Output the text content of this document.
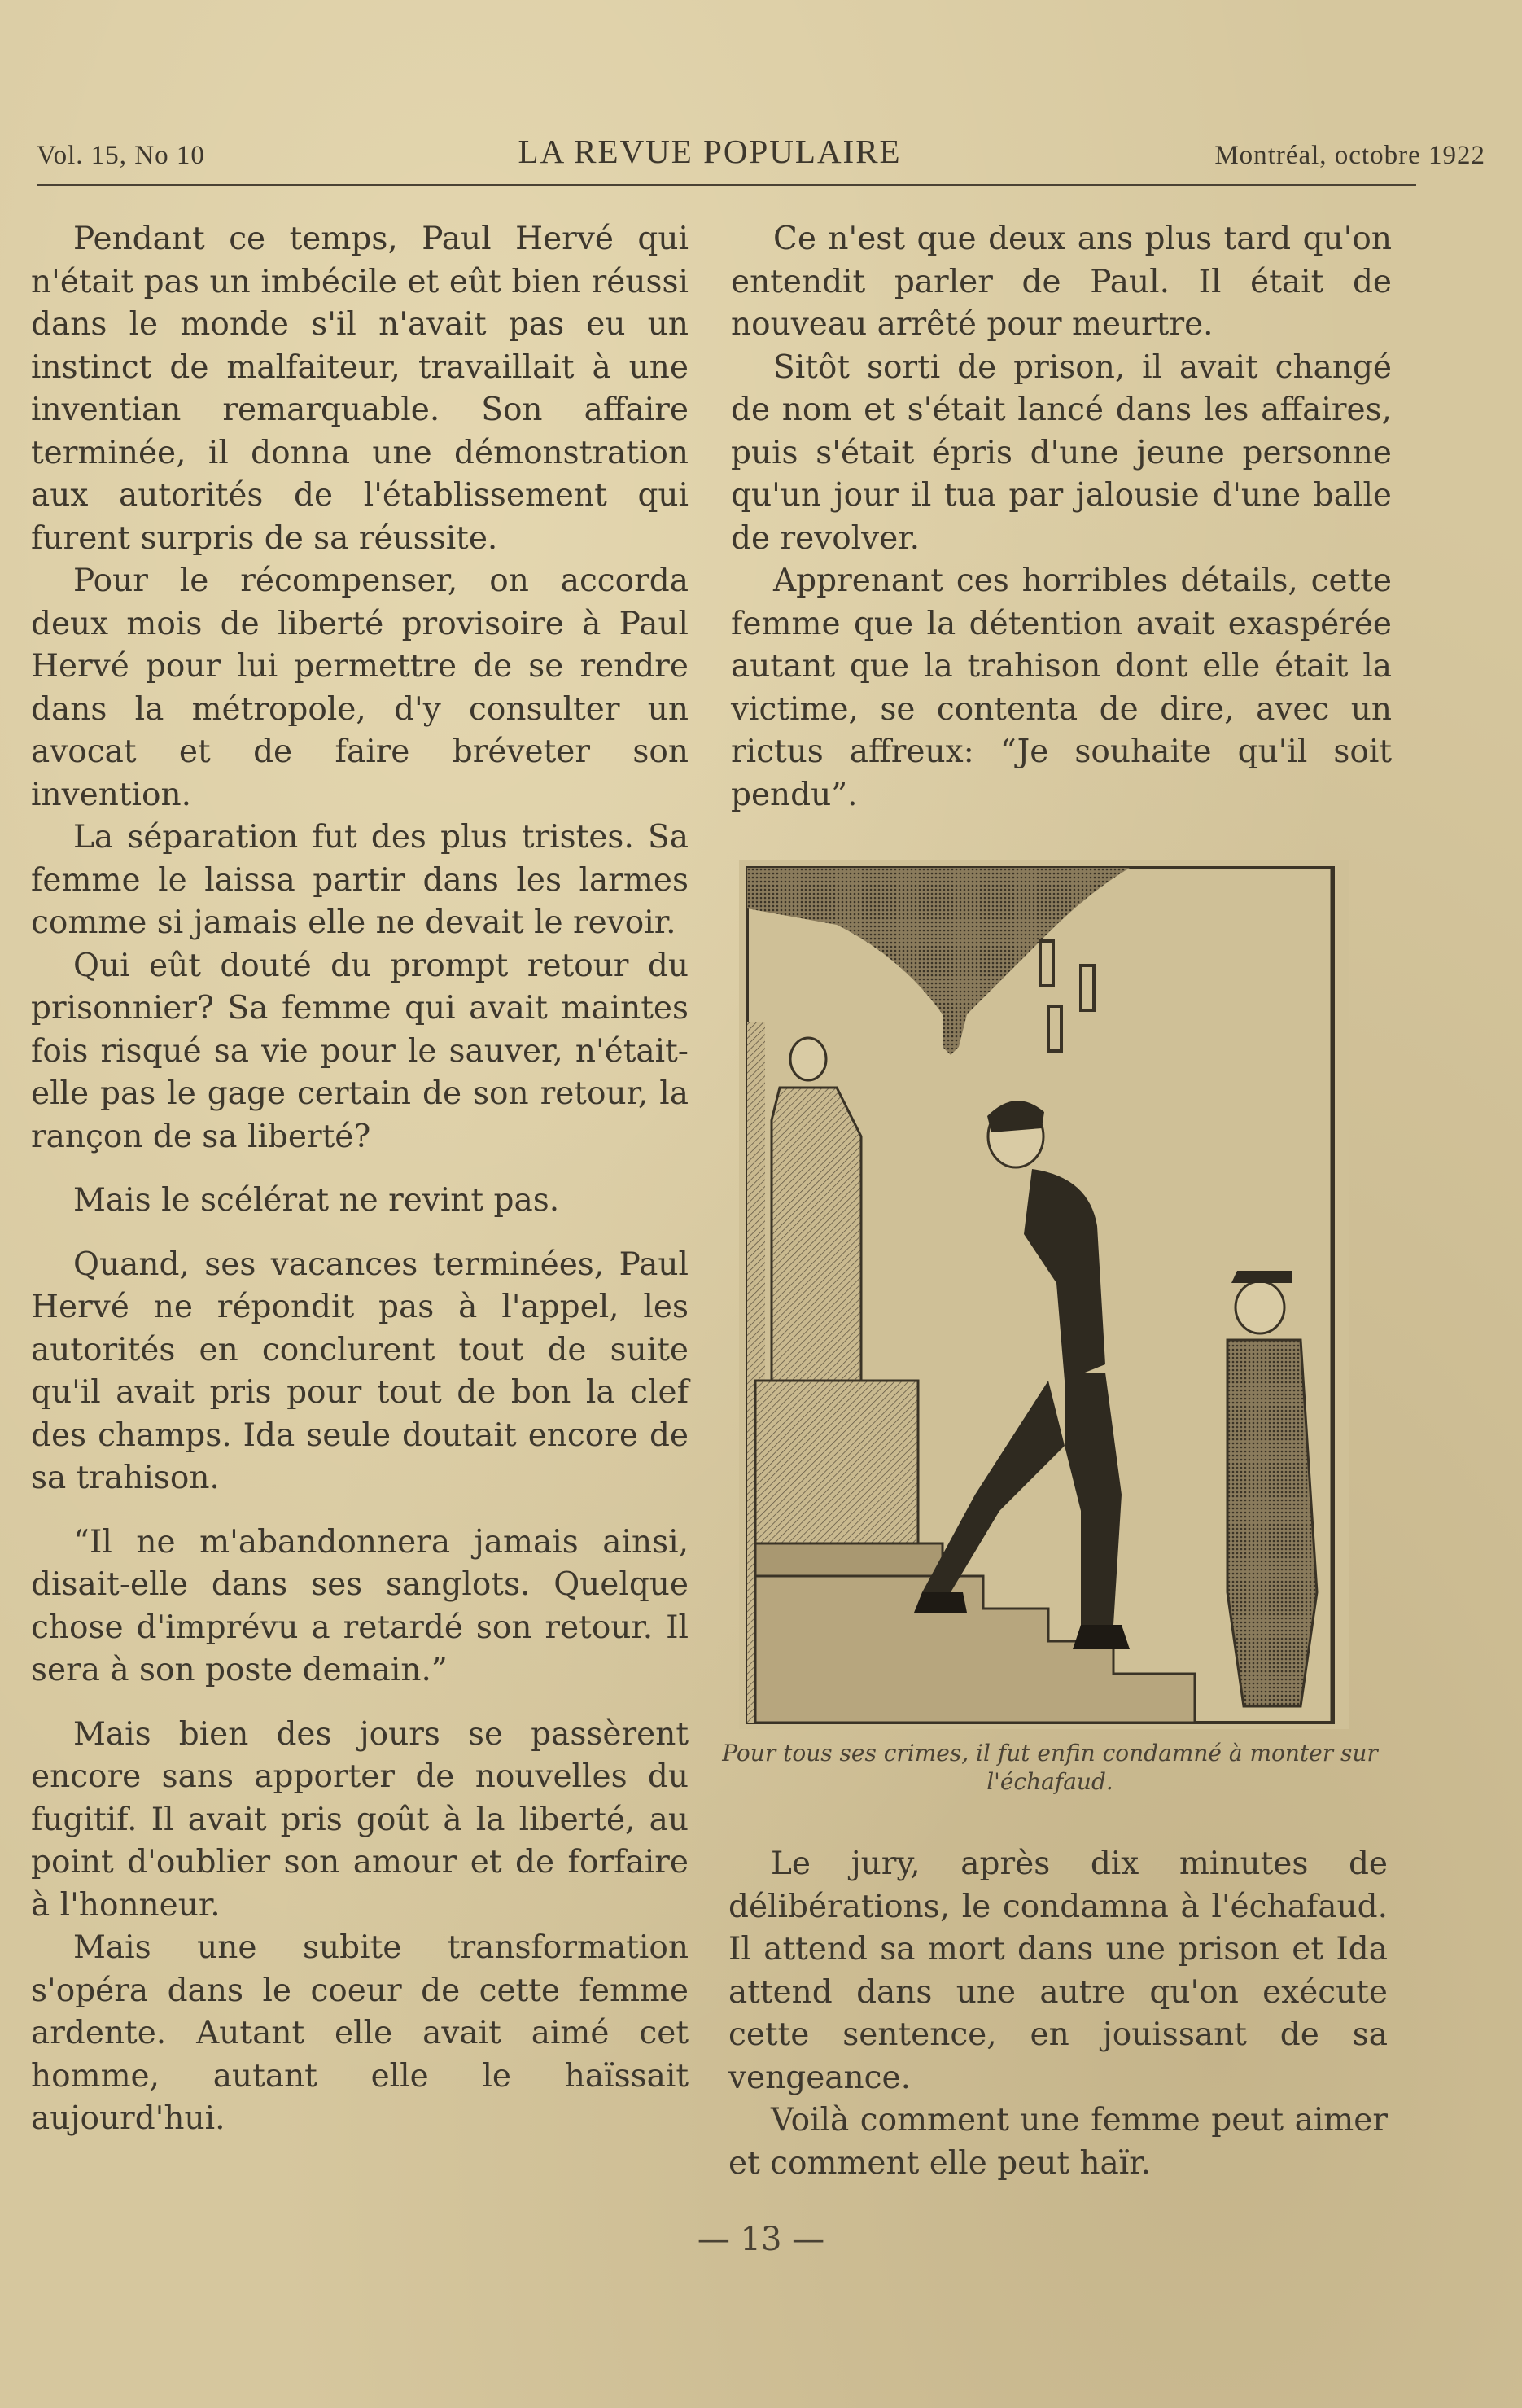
Vol. 15, No 10	LA REVUE POPULAIRE	Montréal, octobre 1922

Pendant ce temps, Paul Hervé qui n'était pas un imbécile et eût bien réussi dans le monde s'il n'avait pas eu un instinct de malfaiteur, travaillait à une inventian remarquable. Son affaire terminée, il donna une démonstration aux autorités de l'établissement qui furent surpris de sa réussite.

Pour le récompenser, on accorda deux mois de liberté provisoire à Paul Hervé pour lui permettre de se rendre dans la métropole, d'y consulter un avocat et de faire bréveter son invention.

La séparation fut des plus tristes. Sa femme le laissa partir dans les larmes comme si jamais elle ne devait le revoir.

Qui eût douté du prompt retour du prisonnier? Sa femme qui avait maintes fois risqué sa vie pour le sauver, n'était-elle pas le gage certain de son retour, la rançon de sa liberté?

Mais le scélérat ne revint pas.

Quand, ses vacances terminées, Paul Hervé ne répondit pas à l'appel, les autorités en conclurent tout de suite qu'il avait pris pour tout de bon la clef des champs. Ida seule doutait encore de sa trahison.

“Il ne m'abandonnera jamais ainsi, disait-elle dans ses sanglots. Quelque chose d'imprévu a retardé son retour. Il sera à son poste demain.”

Mais bien des jours se passèrent encore sans apporter de nouvelles du fugitif. Il avait pris goût à la liberté, au point d'oublier son amour et de forfaire à l'honneur.

Mais une subite transformation s'opéra dans le coeur de cette femme ardente. Autant elle avait aimé cet homme, autant elle le haïssait aujourd'hui.

Ce n'est que deux ans plus tard qu'on entendit parler de Paul. Il était de nouveau arrêté pour meurtre.

Sitôt sorti de prison, il avait changé de nom et s'était lancé dans les affaires, puis s'était épris d'une jeune personne qu'un jour il tua par jalousie d'une balle de revolver.

Apprenant ces horribles détails, cette femme que la détention avait exaspérée autant que la trahison dont elle était la victime, se contenta de dire, avec un rictus affreux: “Je souhaite qu'il soit pendu”.

Pour tous ses crimes, il fut enfin condamné à monter sur l'échafaud.

Le jury, après dix minutes de délibérations, le condamna à l'échafaud. Il attend sa mort dans une prison et Ida attend dans une autre qu'on exécute cette sentence, en jouissant de sa vengeance.

Voilà comment une femme peut aimer et comment elle peut haïr.

— 13 —
